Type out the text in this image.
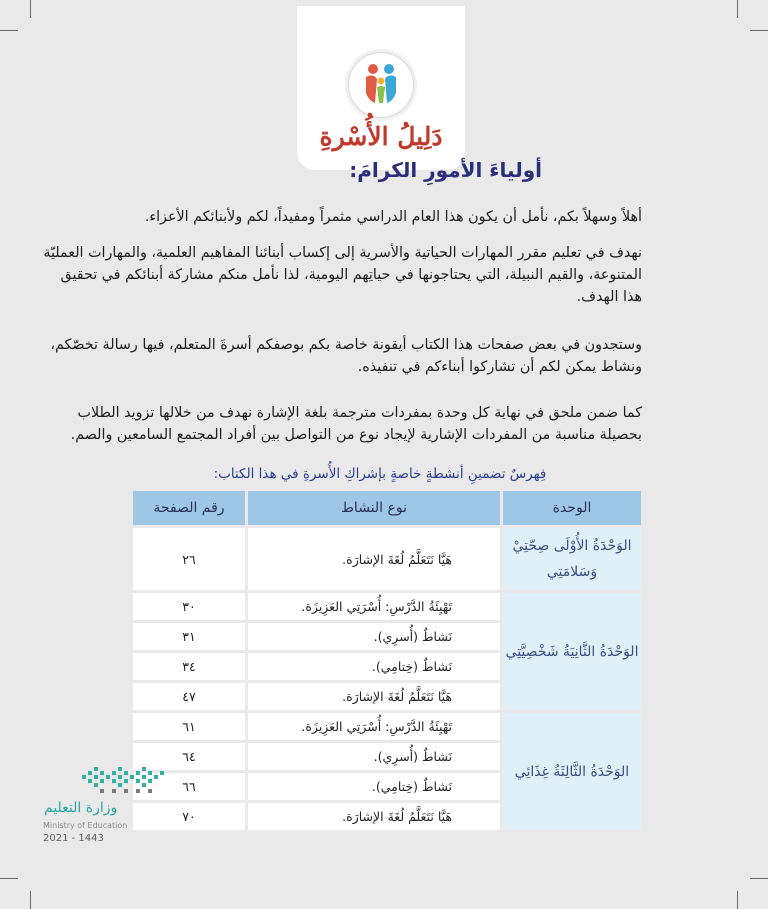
دَلِيلُ الأُسْرةِ
أولياءَ الأمورِ الكرامَ:
أهلاً وسهلاً بكم، نأمل أن يكون هذا العام الدراسي مثمراً ومفيداً، لكم ولأبنائكم الأعزاء.
نهدف في تعليم مقرر المهارات الحياتية والأسرية إلى إكساب أبنائنا المفاهيم العلمية، والمهارات العمليّة المتنوعة، والقيم النبيلة، التي يحتاجونها في حياتِهم اليومية، لذا نأمل منكم مشاركة أبنائكم في تحقيق هذا الهدف.
وستجدون في بعض صفحات هذا الكتاب أيقونة خاصة بكم بوصفكم أسرةَ المتعلم، فيها رسالة تخصّكم، ونشاط يمكن لكم أن تشاركوا أبناءكم في تنفيذه.
كما ضمن ملحق في نهاية كل وحدة بمفردات مترجمة بلغة الإشارة نهدف من خلالها تزويد الطلاب بحصيلة مناسبة من المفردات الإشارية لإيجاد نوع من التواصل بين أفراد المجتمع السامعين والصم.
فِهرسٌ تضمينِ أنشطةٍ خاصةٍ بإشراكِ الأُسرةِ في هذا الكتاب:
الوحدة	نوع النشاط	رقم الصفحة
الوَحْدَةُ الأُوْلَى صِحّتِيْ وَسَلامَتِي	هَيَّا نَتَعَلَّمُ لُغَةَ الإشارَة.	٢٦
الوَحْدَةُ الثَّانِيَةُ شَخْصِيَّتِي	تَهْيِئَةُ الدَّرْسِ: أُسْرَتِي العَزِيزَة.	٣٠
	نَشاطٌ (أُسرِي).	٣١
	نَشاطٌ (خِتامِي).	٣٤
	هَيَّا نَتَعَلَّمُ لُغَةَ الإشارَة.	٤٧
الوَحْدَةُ الثَّالِثَةُ غِذَائِي	تَهْيِئَةُ الدَّرْسِ: أُسْرَتِي العَزِيزَة.	٦١
	نَشاطٌ (أُسرِي).	٦٤
	نَشاطٌ (خِتامِي).	٦٦
	هَيَّا نَتَعَلَّمُ لُغَةَ الإشارَة.	٧٠
وزارة التعليم
Ministry of Education
2021 - 1443
